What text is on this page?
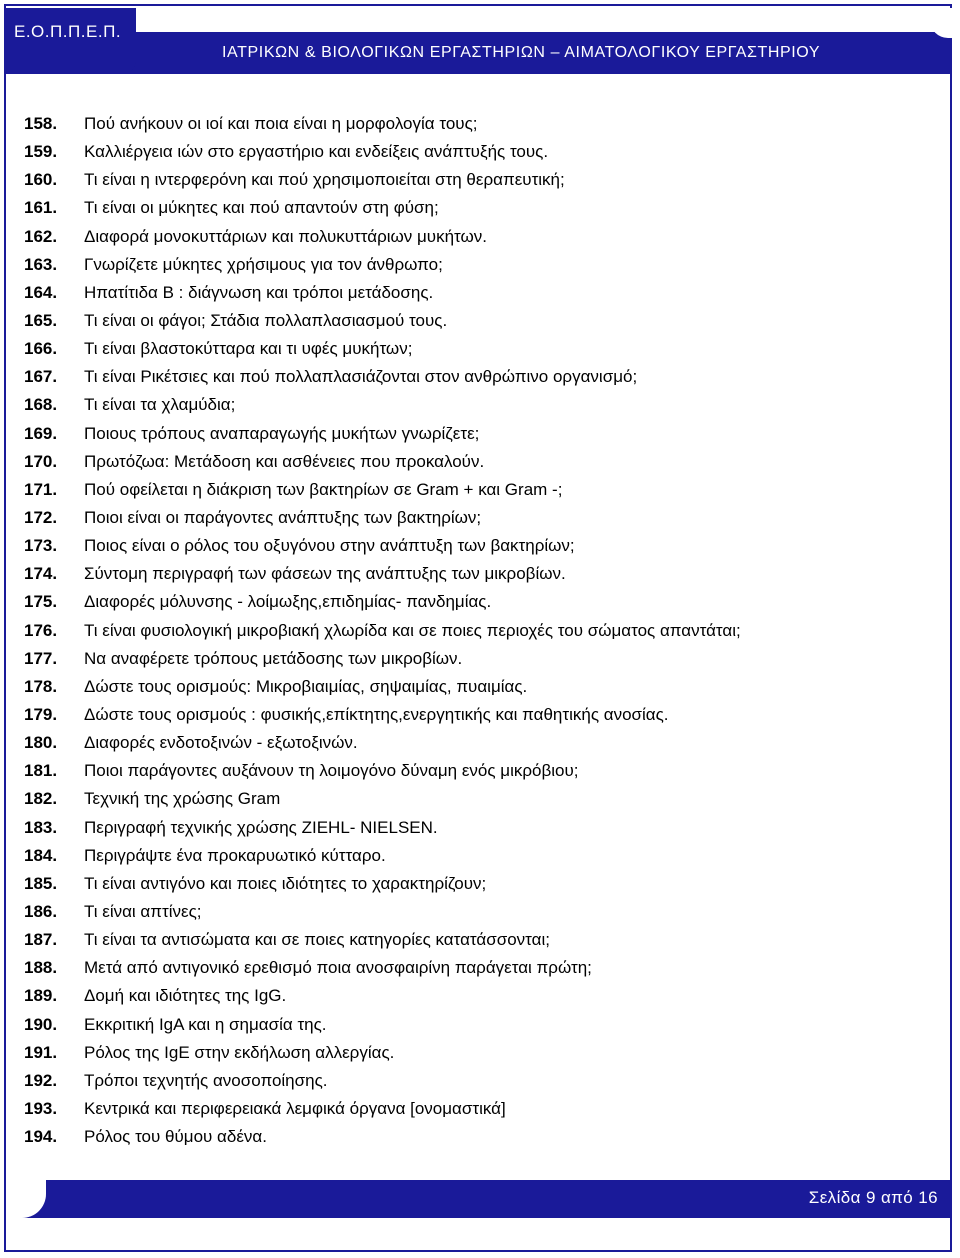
Ε.Ο.Π.Π.Ε.Π.
ΙΑΤΡΙΚΩΝ & ΒΙΟΛΟΓΙΚΩΝ ΕΡΓΑΣΤΗΡΙΩΝ – ΑΙΜΑΤΟΛΟΓΙΚΟΥ ΕΡΓΑΣΤΗΡΙΟΥ
158.	Πού ανήκουν οι ιοί και ποια είναι η μορφολογία τους;
159.	Καλλιέργεια ιών στο εργαστήριο και ενδείξεις ανάπτυξής τους.
160.	Τι είναι η ιντερφερόνη και πού χρησιμοποιείται στη θεραπευτική;
161.	Τι είναι οι μύκητες και πού απαντούν στη φύση;
162.	Διαφορά μονοκυττάριων και πολυκυττάριων μυκήτων.
163.	Γνωρίζετε μύκητες χρήσιμους για τον άνθρωπο;
164.	Ηπατίτιδα Β : διάγνωση και τρόποι μετάδοσης.
165.	Τι είναι οι φάγοι; Στάδια πολλαπλασιασμού τους.
166.	Τι είναι βλαστοκύτταρα και τι υφές μυκήτων;
167.	Τι είναι Ρικέτσιες και πού πολλαπλασιάζονται στον ανθρώπινο οργανισμό;
168.	Τι είναι τα χλαμύδια;
169.	Ποιους τρόπους αναπαραγωγής μυκήτων γνωρίζετε;
170.	Πρωτόζωα: Μετάδοση και ασθένειες που προκαλούν.
171.	Πού οφείλεται η διάκριση των βακτηρίων σε Gram + και Gram -;
172.	Ποιοι είναι οι παράγοντες ανάπτυξης των βακτηρίων;
173.	Ποιος είναι ο ρόλος του οξυγόνου στην ανάπτυξη των βακτηρίων;
174.	Σύντομη περιγραφή των φάσεων της ανάπτυξης των μικροβίων.
175.	Διαφορές μόλυνσης - λοίμωξης,επιδημίας- πανδημίας.
176.	Τι είναι φυσιολογική μικροβιακή χλωρίδα και σε ποιες περιοχές του σώματος απαντάται;
177.	Να αναφέρετε τρόπους μετάδοσης των μικροβίων.
178.	Δώστε τους ορισμούς: Μικροβιαιμίας, σηψαιμίας, πυαιμίας.
179.	Δώστε τους ορισμούς : φυσικής,επίκτητης,ενεργητικής και παθητικής ανοσίας.
180.	Διαφορές ενδοτοξινών - εξωτοξινών.
181.	Ποιοι παράγοντες αυξάνουν τη λοιμογόνο δύναμη ενός μικρόβιου;
182.	Τεχνική της χρώσης Gram
183.	Περιγραφή τεχνικής χρώσης ZIEHL- NIELSEN.
184.	Περιγράψτε ένα προκαρυωτικό κύτταρο.
185.	Τι είναι αντιγόνο και ποιες ιδιότητες το χαρακτηρίζουν;
186.	Τι είναι απτίνες;
187.	Τι είναι τα αντισώματα και σε ποιες κατηγορίες κατατάσσονται;
188.	Μετά από αντιγονικό ερεθισμό ποια ανοσφαιρίνη παράγεται πρώτη;
189.	Δομή και ιδιότητες της IgG.
190.	Εκκριτική IgA και η σημασία της.
191.	Ρόλος της IgE στην εκδήλωση αλλεργίας.
192.	Τρόποι τεχνητής ανοσοποίησης.
193.	Κεντρικά και περιφερειακά λεμφικά όργανα [ονομαστικά]
194.	Ρόλος του θύμου αδένα.
Σελίδα 9 από 16
